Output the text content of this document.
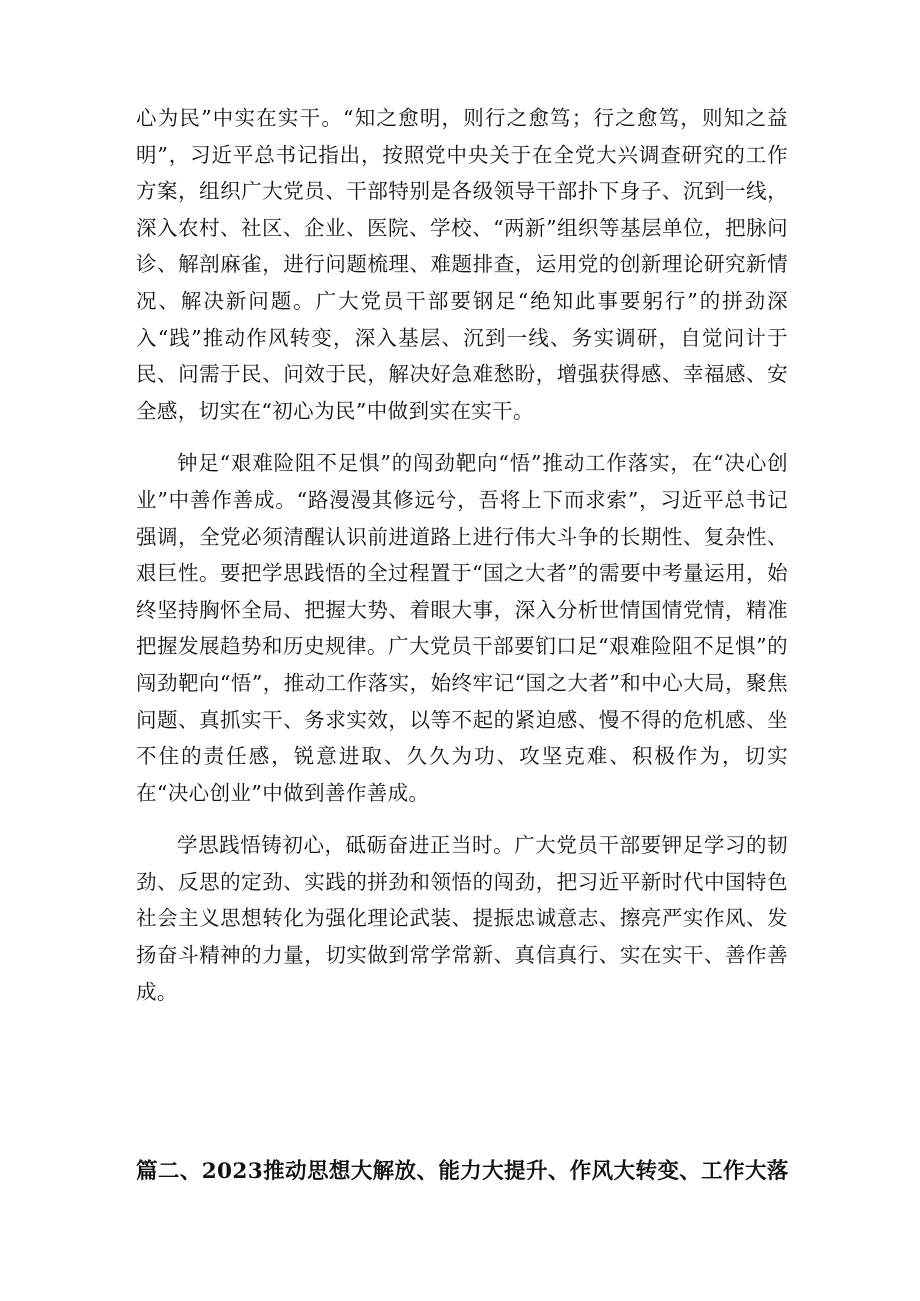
心为民”中实在实干。“知之愈明，则行之愈笃；行之愈笃，则知之益明”，习近平总书记指出，按照党中央关于在全党大兴调查研究的工作方案，组织广大党员、干部特别是各级领导干部扑下身子、沉到一线，深入农村、社区、企业、医院、学校、“两新”组织等基层单位，把脉问诊、解剖麻雀，进行问题梳理、难题排查，运用党的创新理论研究新情况、解决新问题。广大党员干部要钢足“绝知此事要躬行”的拼劲深入“践”推动作风转变，深入基层、沉到一线、务实调研，自觉问计于民、问需于民、问效于民，解决好急难愁盼，增强获得感、幸福感、安全感，切实在“初心为民”中做到实在实干。

钟足“艰难险阻不足惧”的闯劲靶向“悟”推动工作落实，在“决心创业”中善作善成。“路漫漫其修远兮，吾将上下而求索”，习近平总书记强调，全党必须清醒认识前进道路上进行伟大斗争的长期性、复杂性、艰巨性。要把学思践悟的全过程置于“国之大者”的需要中考量运用，始终坚持胸怀全局、把握大势、着眼大事，深入分析世情国情党情，精准把握发展趋势和历史规律。广大党员干部要钔口足“艰难险阻不足惧”的闯劲靶向“悟”，推动工作落实，始终牢记“国之大者”和中心大局，聚焦问题、真抓实干、务求实效，以等不起的紧迫感、慢不得的危机感、坐不住的责任感，锐意进取、久久为功、攻坚克难、积极作为，切实在“决心创业”中做到善作善成。

学思践悟铸初心，砥砺奋进正当时。广大党员干部要钾足学习的韧劲、反思的定劲、实践的拼劲和领悟的闯劲，把习近平新时代中国特色社会主义思想转化为强化理论武装、提振忠诚意志、擦亮严实作风、发扬奋斗精神的力量，切实做到常学常新、真信真行、实在实干、善作善成。

篇二、2023推动思想大解放、能力大提升、作风大转变、工作大落
